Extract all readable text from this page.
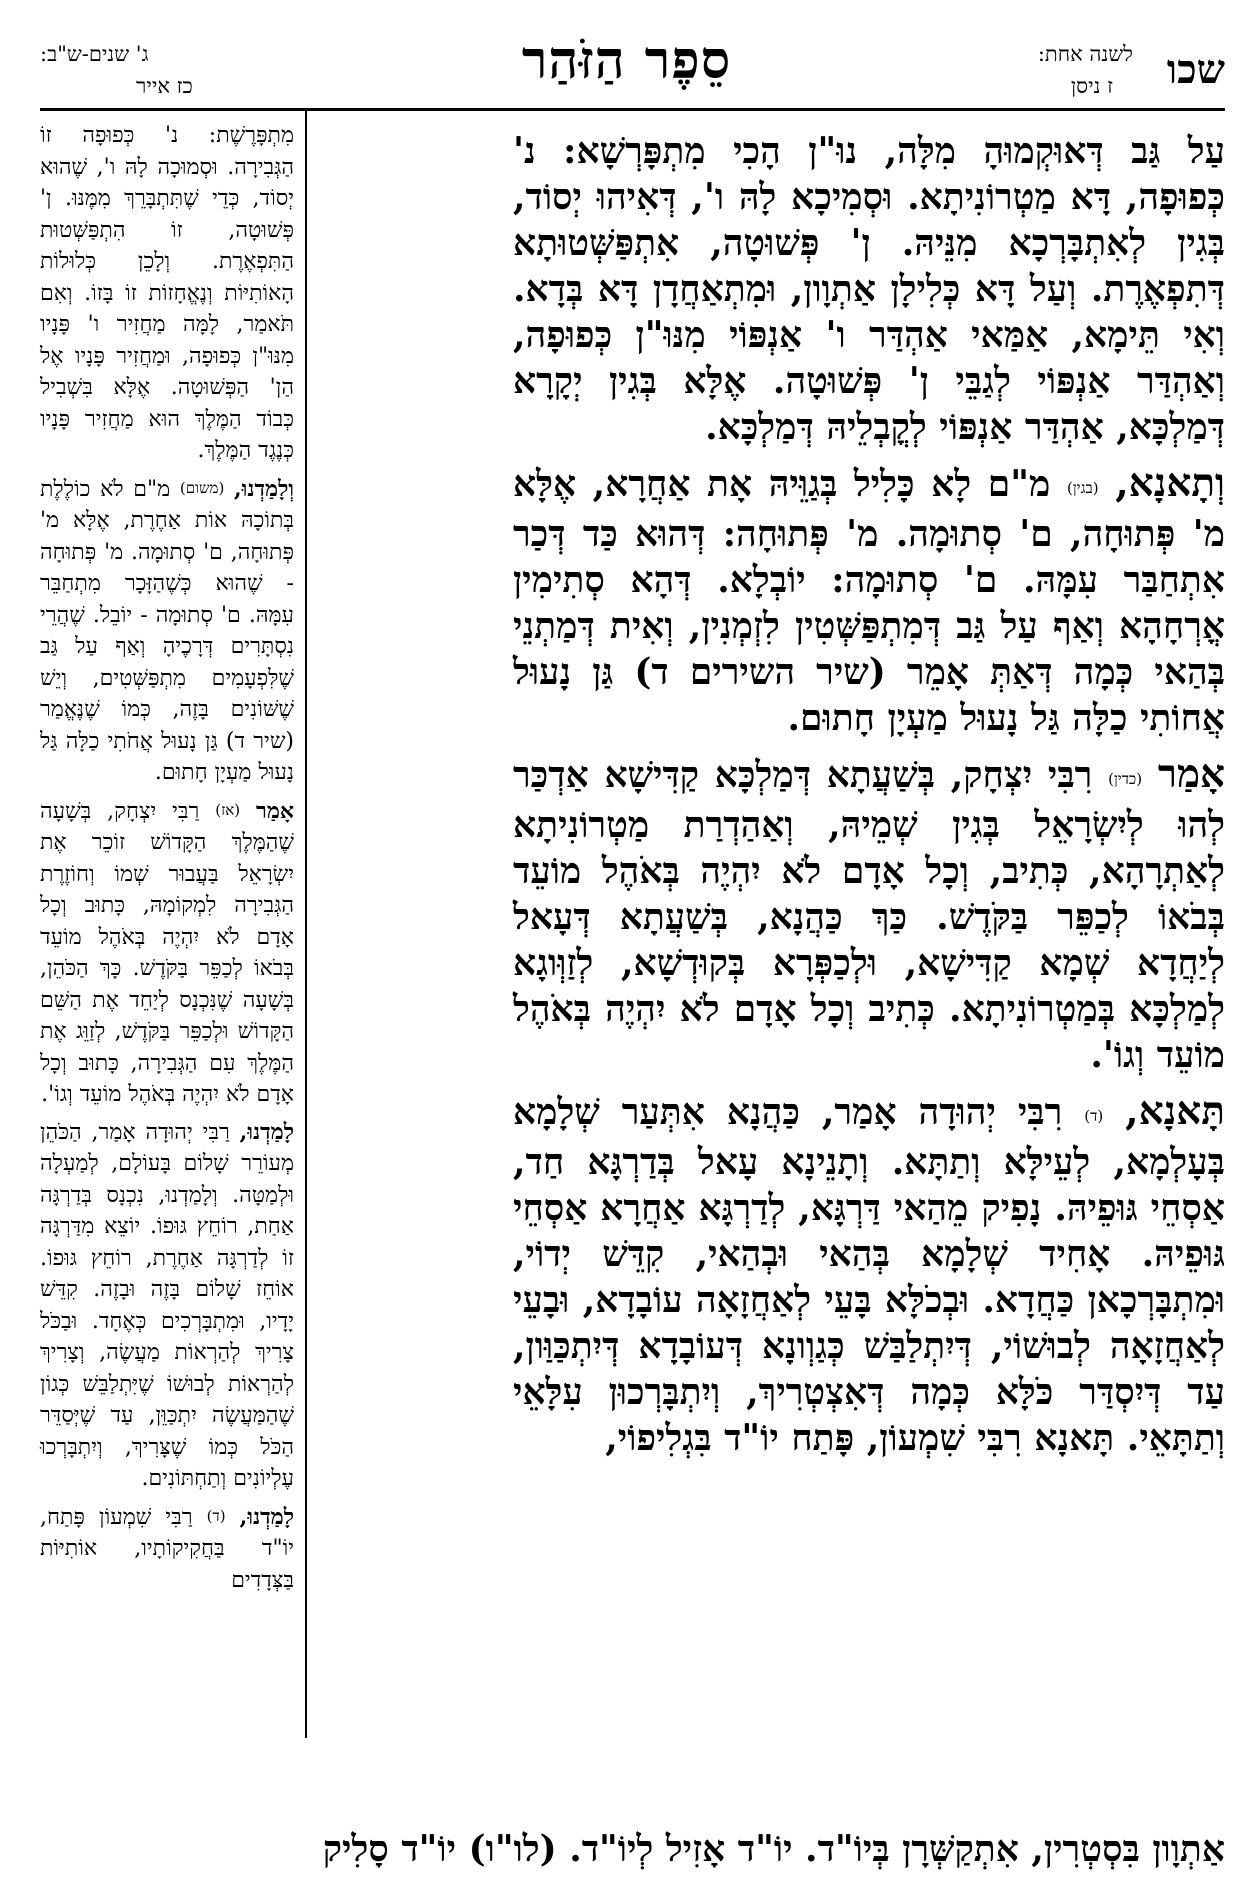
שכו
לשנה אחת:
ז ניסן
סֵפֶר הַזֹּהַר
ג' שנים-ש"ב:
כז אייר

עַל גַּב דְּאוּקְמוּהָ מִלָּה, נוּ"ן הָכִי מִתְפָּרְשָׁא: נ' כְּפוּפָה, דָּא מַטְרוֹנִיתָא. וּסְמִיכָא לָהּ ו', דְּאִיהוּ יְסוֹד, בְּגִין לְאִתְבָּרְכָא מִנֵּיהּ. ן' פְּשׁוּטָה, אִתְפַּשְּׁטוּתָא דְּתִפְאֶרֶת. וְעַל דָּא כְּלִילָן אַתְוָון, וּמִתְאַחֲדָן דָּא בְּדָא. וְאִי תֵּימָא, אַמַּאי אַהְדַּר ו' אַנְפּוֹי מִנּוּ"ן כְּפוּפָה, וְאַהְדַּר אַנְפּוֹי לְגַבֵּי ן' פְּשׁוּטָה. אֶלָּא בְּגִין יְקָרָא דְּמַלְכָּא, אַהְדַּר אַנְפּוֹי לְקֳבְלֵיהּ דְּמַלְכָּא.

וְתָאנָא, (בגין) מ"ם לָא כָּלִיל בְּגַוֵּיהּ אָת אַחֲרָא, אֶלָּא מ' פְּתוּחָה, ם' סְתוּמָה. מ' פְּתוּחָה: דְּהוּא כַּד דְּכַר אִתְחַבַּר עִמָּהּ. ם' סְתוּמָה: יוֹבְלָא. דְּהָא סְתִימִין אֳרְחָהָא וְאַף עַל גַּב דְּמִתְפַּשְּׁטִין לִזְמְנִין, וְאִית דְּמַתְנֵי בְּהַאי כְּמָה דְּאַתְּ אָמֵר (שיר השירים ד) גַּן נָעוּל אֲחוֹתִי כַלָּה גַּל נָעוּל מַעְיָן חָתוּם.

אָמַר (כדין) רִבִּי יִצְחָק, בְּשַׁעֲתָא דְּמַלְכָּא קַדִּישָׁא אַדְכַּר לְהוּ לְיִשְׂרָאֵל בְּגִין שְׁמֵיהּ, וְאַהַדְרַת מַטְרוֹנִיתָא לְאַתְרָהָא, כְּתִיב, וְכָל אָדָם לֹא יִהְיֶה בְּאֹהֶל מוֹעֵד בְּבֹאוֹ לְכַפֵּר בַּקֹּדֶשׁ. כַּךְ כַּהֲנָא, בְּשַׁעֲתָא דְּעָאל לְיַחֲדָא שְׁמָא קַדִּישָׁא, וּלְכַפְּרָא בְּקוּדְשָׁא, לְזַוְּוגָא לְמַלְכָּא בְּמַטְרוֹנִיתָא. כְּתִיב וְכָל אָדָם לֹא יִהְיֶה בְּאֹהֶל מוֹעֵד וְגוֹ'.

תָּאנָא, (ד) רִבִּי יְהוּדָה אָמַר, כַּהֲנָא אִתְּעַר שְׁלָמָא בְּעָלְמָא, לְעֵילָּא וְתַתָּא. וְתָנֵינָא עָאל בְּדַרְגָּא חַד, אַסְחֵי גּוּפֵיהּ. נָפִיק מֵהַאי דַּרְגָּא, לְדַרְגָּא אַחֲרָא אַסְחֵי גּוּפֵיהּ. אָחִיד שְׁלָמָא בְּהַאי וּבְהַאי, קִדֵּשׁ יְדוֹי, וּמִתְבָּרְכָאן כַּחֲדָא. וּבְכֹלָּא בָּעֵי לְאַחֲזָאָה עוֹבָדָא, וּבָעֵי לְאַחֲזָאָה לְבוּשׁוֹי, דְּיִתְלַבַּשׁ כְּגַוְונָא דְּעוֹבָדָא דְּיִתְכַּוַּון, עַד דְּיִסְדַּר כֹּלָּא כְּמָה דְּאִצְטְרִיךְ, וְיִתְבָּרְכוּן עִלָּאֵי וְתַתָּאֵי. תָּאנָא רִבִּי שִׁמְעוֹן, פָּתַח יוֹ"ד בִּגְלִיפוֹי,

מִתְפָּרֶשֶׁת: נ' כְּפוּפָה זוֹ הַגְּבִירָה. וּסְמוּכָה לָהּ ו', שֶׁהוּא יְסוֹד, כְּדֵי שֶׁתִּתְבָּרֵךְ מִמֶּנּוּ. ן' פְּשׁוּטָה, זוֹ הִתְפַּשְּׁטוּת הַתִּפְאֶרֶת. וְלָכֵן כְּלוּלוֹת הָאוֹתִיּוֹת וְנֶאֱחָזוֹת זוֹ בָּזוֹ. וְאִם תֹּאמַר, לָמָּה מַחֲזִיר ו' פָּנָיו מִנּוּ"ן כְּפוּפָה, וּמַחֲזִיר פָּנָיו אֶל הַן' הַפְּשׁוּטָה. אֶלָּא בִּשְׁבִיל כְּבוֹד הַמֶּלֶךְ הוּא מַחֲזִיר פָּנָיו כְּנֶגֶד הַמֶּלֶךְ.

וְלָמַדְנוּ, (משום) מ"ם לֹא כוֹלֶלֶת בְּתוֹכָהּ אוֹת אַחֶרֶת, אֶלָּא מ' פְּתוּחָה, ם' סְתוּמָה. מ' פְּתוּחָה - שֶׁהוּא כְּשֶׁהַזָּכָר מִתְחַבֵּר עִמָּהּ. ם' סְתוּמָה - יוֹבֵל. שֶׁהֲרֵי נִסְתָּרִים דְּרָכֶיהָ וְאַף עַל גַּב שֶׁלִּפְעָמִים מִתְפַּשְּׁטִים, וְיֵשׁ שֶׁשּׁוֹנִים בָּזֶה, כְּמוֹ שֶׁנֶּאֱמַר (שיר ד) גַּן נָעוּל אֲחֹתִי כַלָּה גַּל נָעוּל מַעְיָן חָתוּם.

אָמַר (אז) רַבִּי יִצְחָק, בְּשָׁעָה שֶׁהַמֶּלֶךְ הַקָּדוֹשׁ זוֹכֵר אֶת יִשְׂרָאֵל בַּעֲבוּר שְׁמוֹ וְחוֹזֶרֶת הַגְּבִירָה לִמְקוֹמָהּ, כָּתוּב וְכָל אָדָם לֹא יִהְיֶה בְּאֹהֶל מוֹעֵד בְּבֹאוֹ לְכַפֵּר בַּקֹּדֶשׁ. כָּךְ הַכֹּהֵן, בְּשָׁעָה שֶׁנִּכְנָס לְיַחֵד אֶת הַשֵּׁם הַקָּדוֹשׁ וּלְכַפֵּר בַּקֹּדֶשׁ, לְזַוֵּג אֶת הַמֶּלֶךְ עִם הַגְּבִירָה, כָּתוּב וְכָל אָדָם לֹא יִהְיֶה בְּאֹהֶל מוֹעֵד וְגוֹ'.

לָמַדְנוּ, רַבִּי יְהוּדָה אָמַר, הַכֹּהֵן מְעוֹרֵר שָׁלוֹם בָּעוֹלָם, לְמַעְלָה וּלְמַטָּה. וְלָמַדְנוּ, נִכְנָס בְּדַרְגָּה אַחַת, רוֹחֵץ גּוּפוֹ. יוֹצֵא מִדַּרְגָּה זוֹ לְדַרְגָּה אַחֶרֶת, רוֹחֵץ גּוּפוֹ. אוֹחֵז שָׁלוֹם בָּזֶה וּבָזֶה. קִדֵּשׁ יָדָיו, וּמִתְבָּרְכִים כְּאֶחָד. וּבַכֹּל צָרִיךְ לְהַרְאוֹת מַעֲשֶׂה, וְצָרִיךְ לְהַרְאוֹת לְבוּשׁוֹ שֶׁיִּתְלַבֵּשׁ כְּגוֹן שֶׁהַמַּעֲשֶׂה יִתְכַּוֵּן, עַד שֶׁיְּסַדֵּר הַכֹּל כְּמוֹ שֶׁצָּרִיךְ, וְיִתְבָּרְכוּ עֶלְיוֹנִים וְתַחְתּוֹנִים.

לָמַדְנוּ, (ד) רַבִּי שִׁמְעוֹן פָּתַח, יוֹ"ד בַּחֲקִיקוֹתָיו, אוֹתִיּוֹת בַּצְּדָדִים

אַתְוָון בִּסְטְרִין, אִתְקַשְּׁרָן בְּיוֹ"ד. יוֹ"ד אָזִיל לְיוֹ"ד. (לו"ו) יוֹ"ד סָלִיק
